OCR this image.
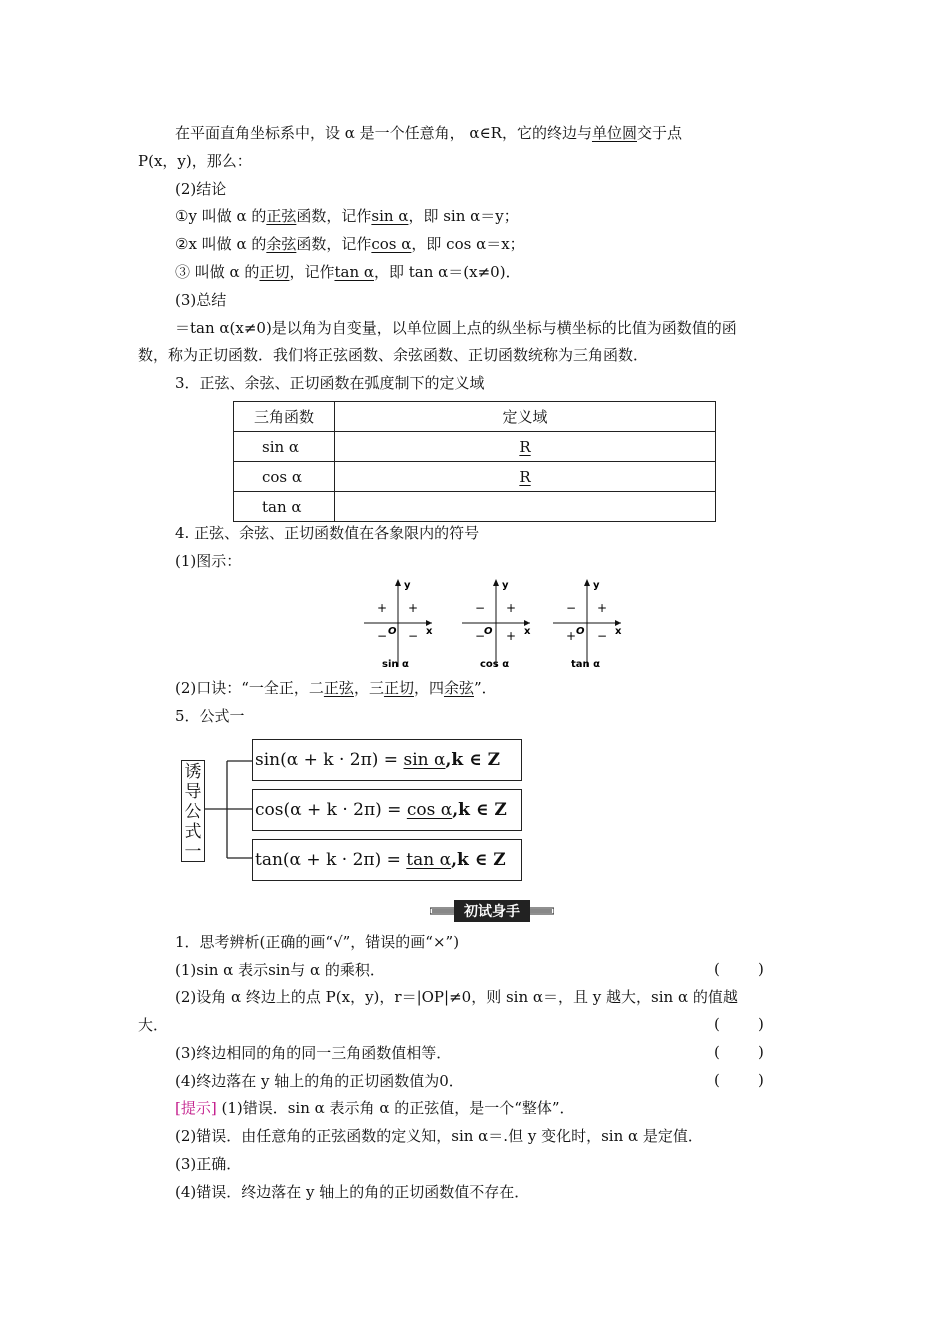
在平面直角坐标系中，设 α 是一个任意角， α∈R，它的终边与单位圆交于点
P(x，y)，那么：
(2)结论
①y 叫做 α 的正弦函数，记作sin α，即 sin α＝y；
②x 叫做 α 的余弦函数，记作cos α，即 cos α＝x；
③ 叫做 α 的正切，记作tan α，即 tan α＝(x≠0)．
(3)总结
＝tan α(x≠0)是以角为自变量，以单位圆上点的纵坐标与横坐标的比值为函数值的函
数，称为正切函数．我们将正弦函数、余弦函数、正切函数统称为三角函数．
3．正弦、余弦、正切函数在弧度制下的定义域
三角函数	定义域
sin α	R
cos α	R
tan α	
4. 正弦、余弦、正切函数值在各象限内的符号
(1)图示：
y
x
O
+ +
− −
sin α
y
x
O
− +
− +
cos α
y
x
O
− +
+ −
tan α
(2)口诀：“一全正，二正弦，三正切，四余弦”．
5．公式一
诱
导
公
式
一
sin(α + k · 2π) = sin α,k ∈ Z
cos(α + k · 2π) = cos α,k ∈ Z
tan(α + k · 2π) = tan α,k ∈ Z
初试身手
1．思考辨析(正确的画“√”，错误的画“×”)
(1)sin α 表示sin与 α 的乘积．	(        )
(2)设角 α 终边上的点 P(x，y)，r＝|OP|≠0，则 sin α＝，且 y 越大，sin α 的值越
大．	(        )
(3)终边相同的角的同一三角函数值相等．	(        )
(4)终边落在 y 轴上的角的正切函数值为0．	(        )
[提示] (1)错误．sin α 表示角 α 的正弦值，是一个“整体”．
(2)错误．由任意角的正弦函数的定义知，sin α＝.但 y 变化时，sin α 是定值．
(3)正确．
(4)错误．终边落在 y 轴上的角的正切函数值不存在．
